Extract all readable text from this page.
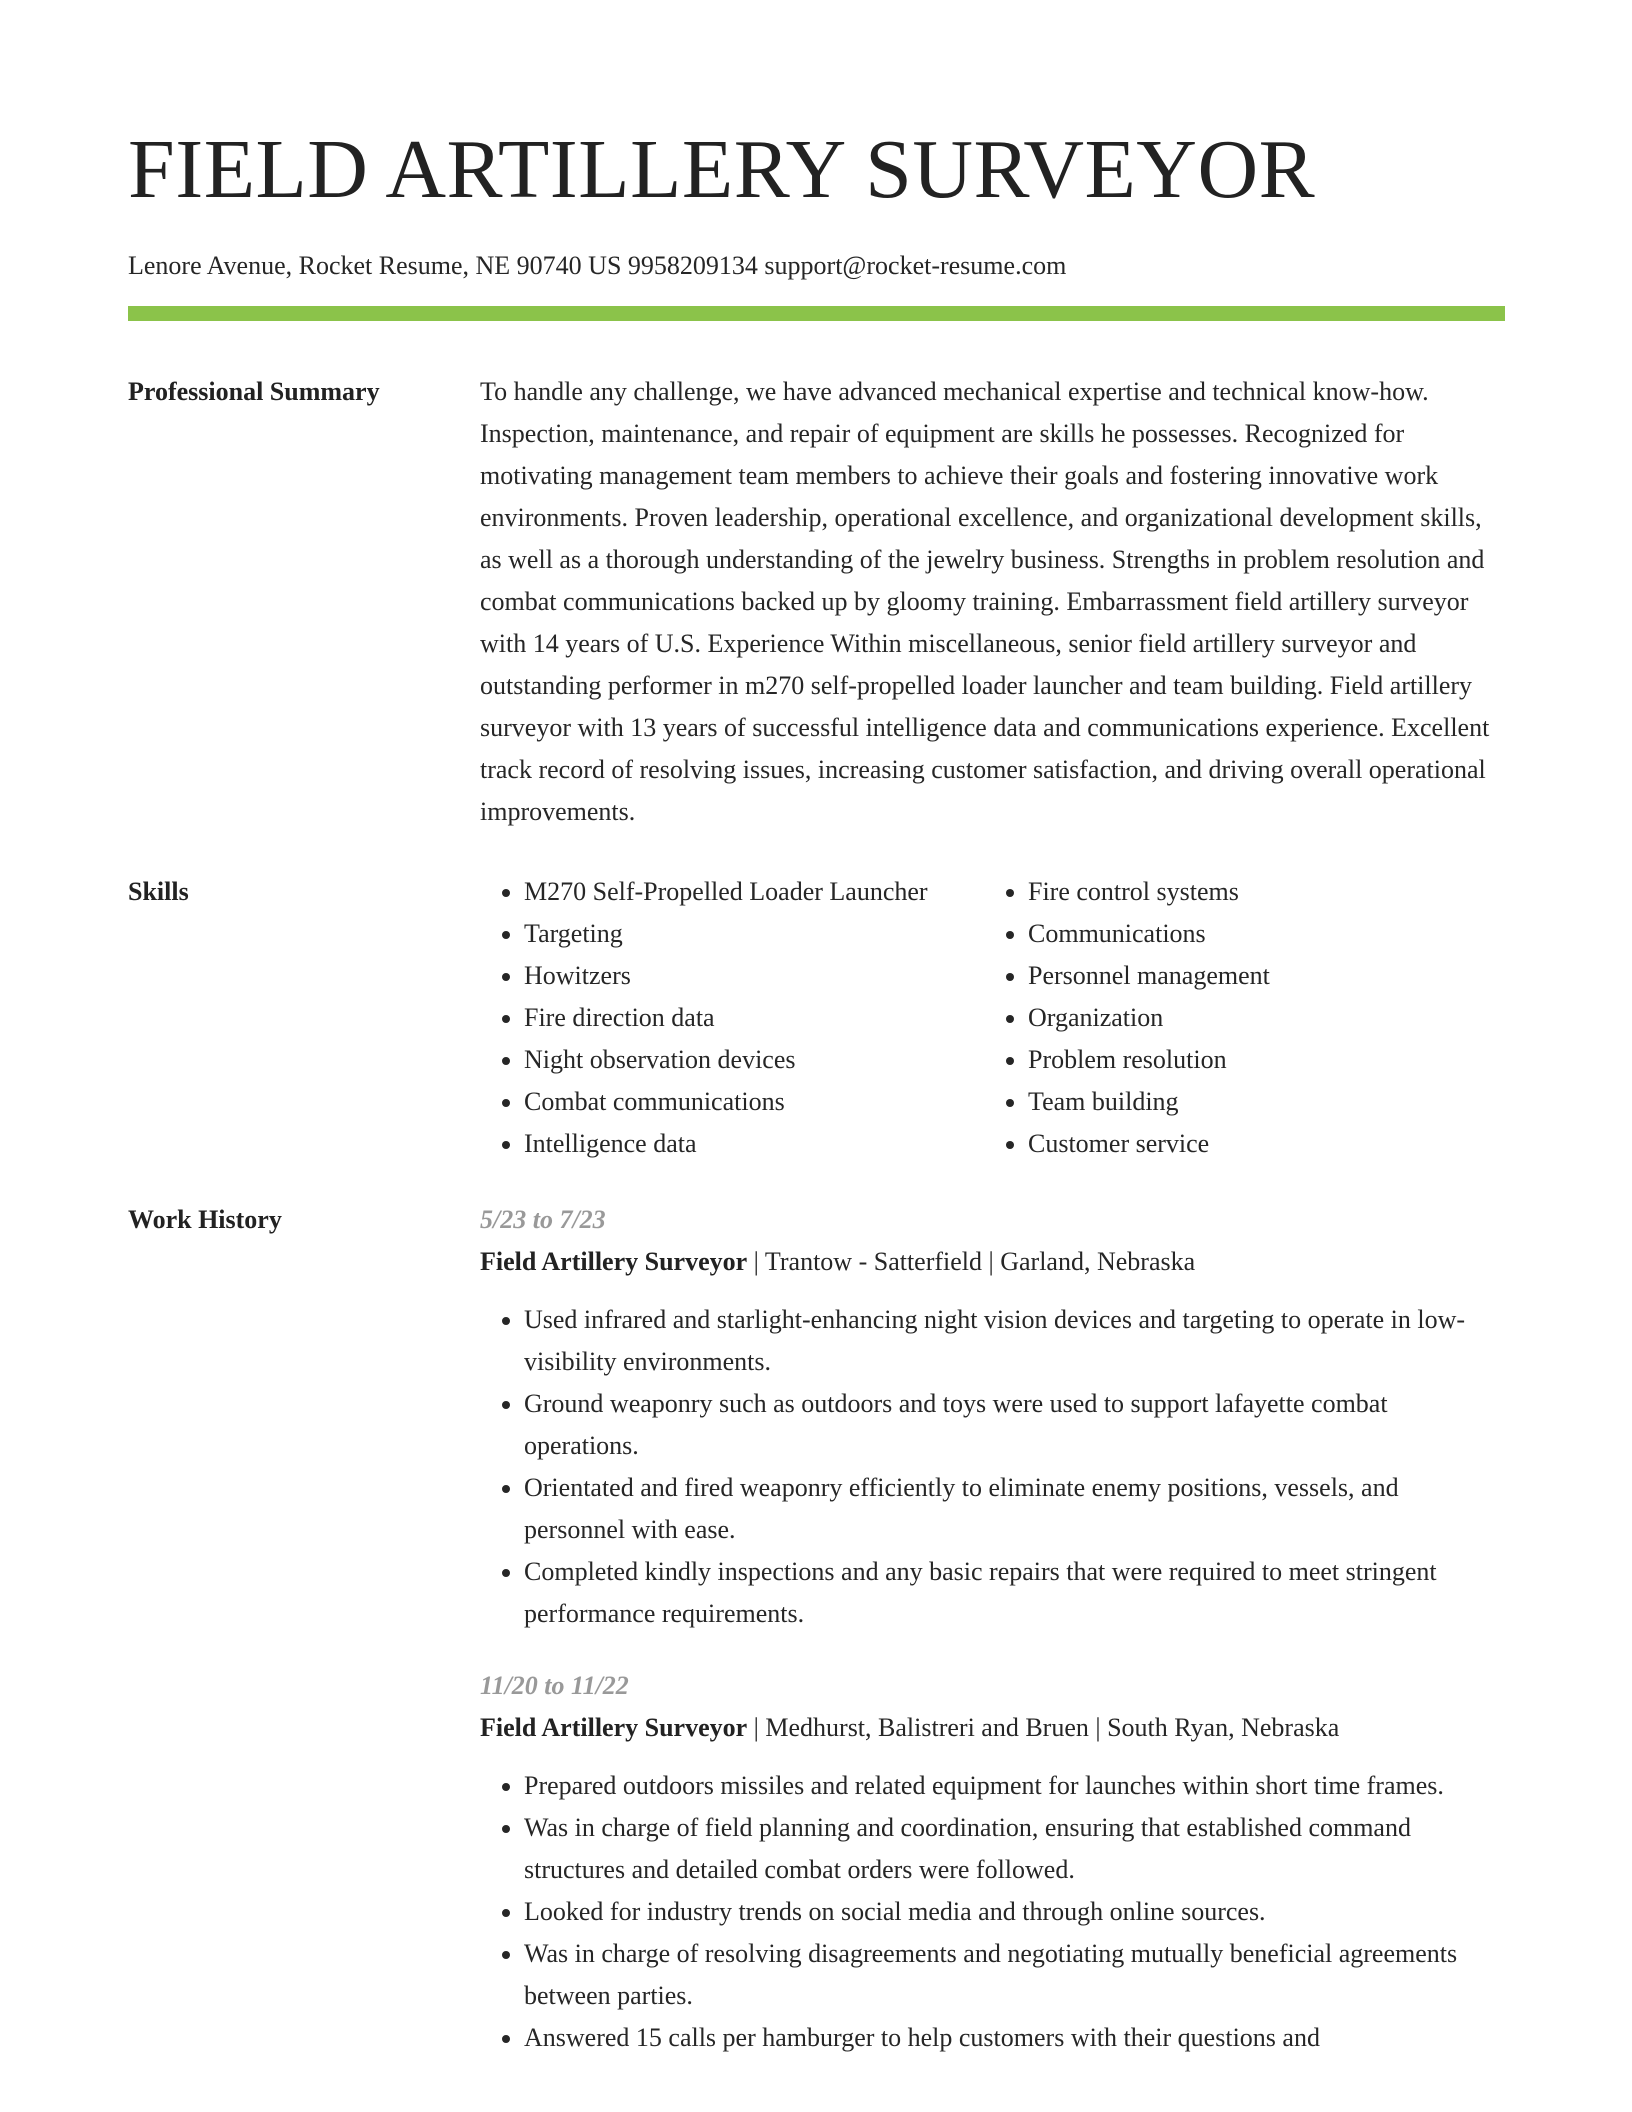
FIELD ARTILLERY SURVEYOR
Lenore Avenue, Rocket Resume, NE 90740 US 9958209134 support@rocket-resume.com
Professional Summary	To handle any challenge, we have advanced mechanical expertise and technical know-how. Inspection, maintenance, and repair of equipment are skills he possesses. Recognized for motivating management team members to achieve their goals and fostering innovative work environments. Proven leadership, operational excellence, and organizational development skills, as well as a thorough understanding of the jewelry business. Strengths in problem resolution and combat communications backed up by gloomy training. Embarrassment field artillery surveyor with 14 years of U.S. Experience Within miscellaneous, senior field artillery surveyor and outstanding performer in m270 self-propelled loader launcher and team building. Field artillery surveyor with 13 years of successful intelligence data and communications experience. Excellent track record of resolving issues, increasing customer satisfaction, and driving overall operational improvements.

Skills
•	M270 Self-Propelled Loader Launcher
• Targeting
• Howitzers
• Fire direction data
• Night observation devices
• Combat communications
• Intelligence data
• Fire control systems
• Communications
• Personnel management
• Organization
• Problem resolution
• Team building
• Customer service
Work History	5/23 to 7/23
Field Artillery Surveyor | Trantow - Satterfield | Garland, Nebraska
• Used infrared and starlight-enhancing night vision devices and targeting to operate in low-visibility environments.
• Ground weaponry such as outdoors and toys were used to support lafayette combat operations.
• Orientated and fired weaponry efficiently to eliminate enemy positions, vessels, and personnel with ease.
• Completed kindly inspections and any basic repairs that were required to meet stringent performance requirements.
11/20 to 11/22
Field Artillery Surveyor | Medhurst, Balistreri and Bruen | South Ryan, Nebraska
• Prepared outdoors missiles and related equipment for launches within short time frames.
• Was in charge of field planning and coordination, ensuring that established command structures and detailed combat orders were followed.
• Looked for industry trends on social media and through online sources.
• Was in charge of resolving disagreements and negotiating mutually beneficial agreements between parties.
• Answered 15 calls per hamburger to help customers with their questions and
